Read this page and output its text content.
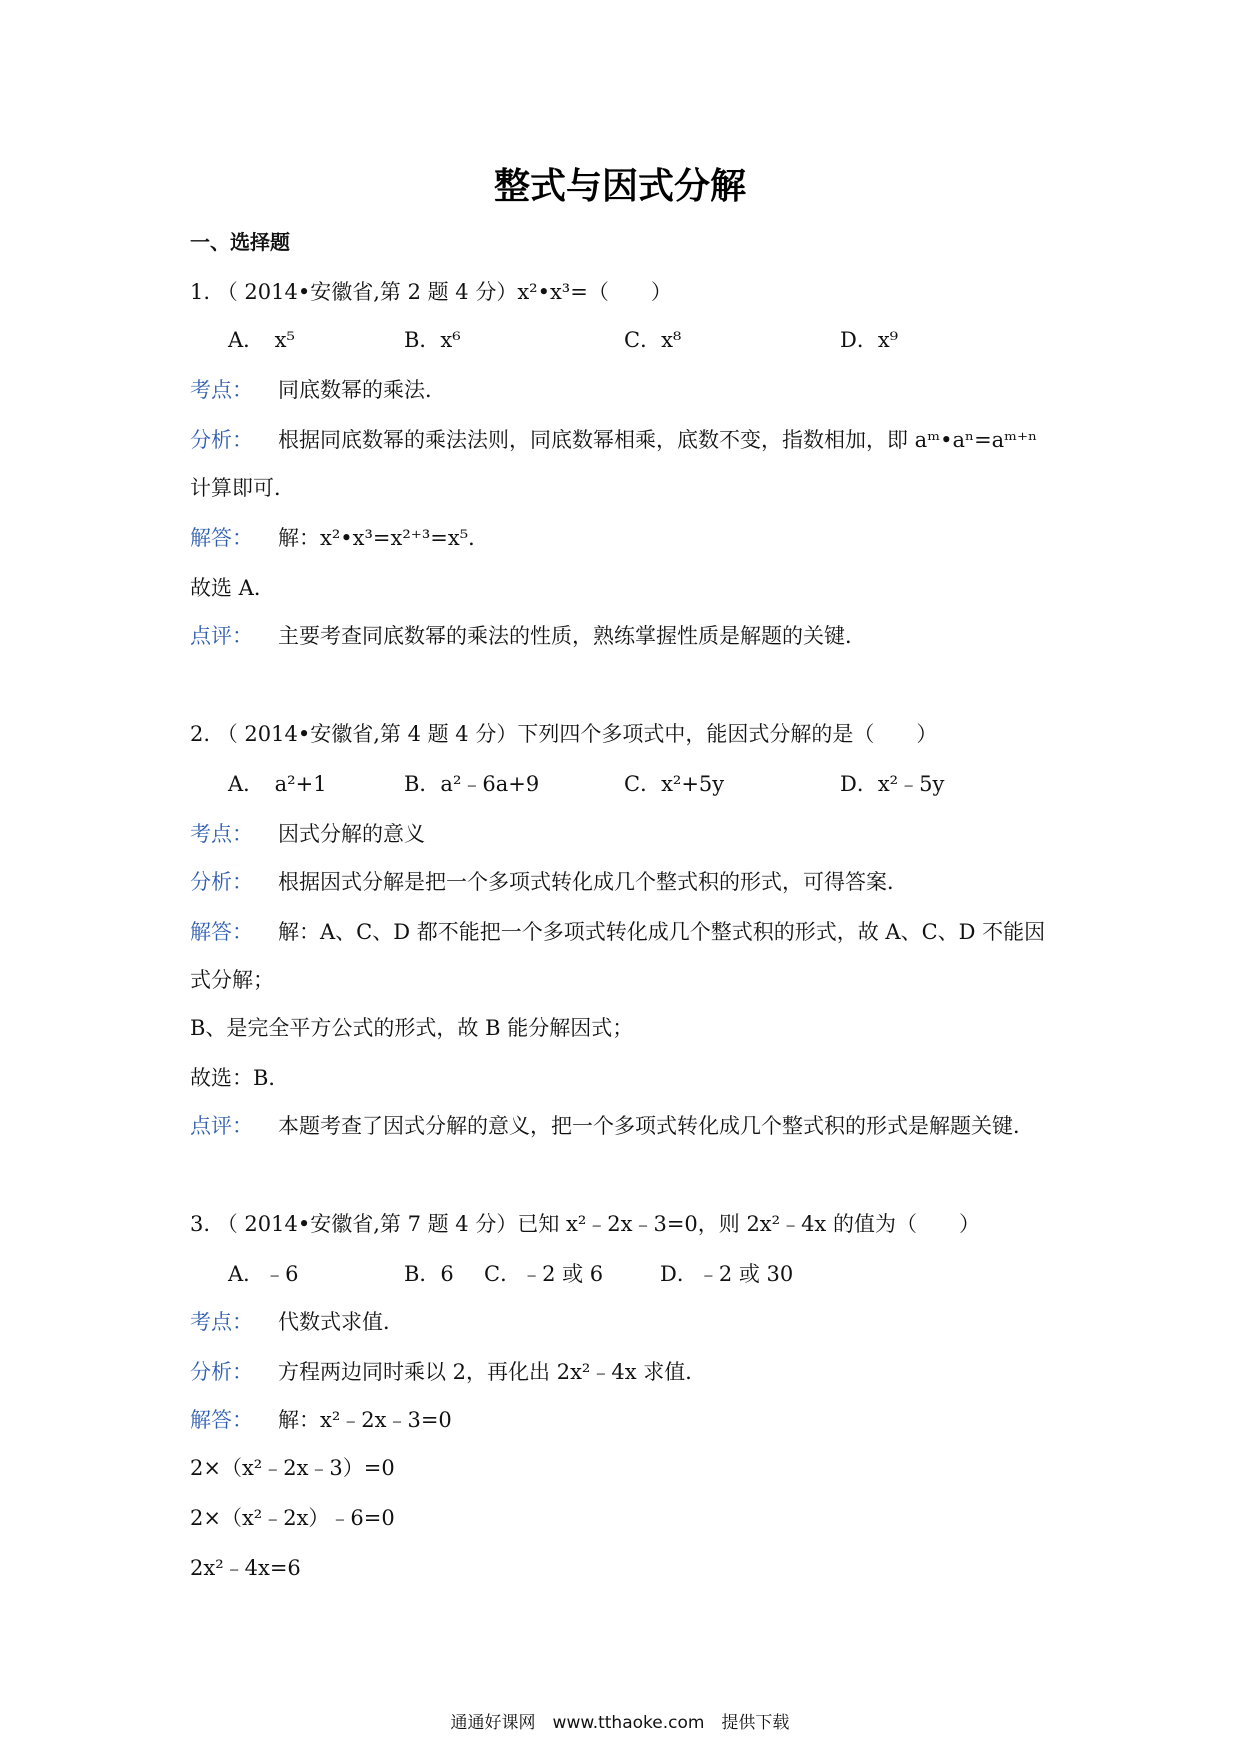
整式与因式分解
一、选择题
1. （ 2014•安徽省,第 2 题 4 分）x²•x³=（　　）
A．　x⁵	B．x⁶	C．x⁸	D．x⁹
考点： 同底数幂的乘法．
分析： 根据同底数幂的乘法法则，同底数幂相乘，底数不变，指数相加，即 aᵐ•aⁿ=aᵐ⁺ⁿ
计算即可．
解答： 解：x²•x³=x²⁺³=x⁵．
故选 A．
点评： 主要考查同底数幂的乘法的性质，熟练掌握性质是解题的关键．
2. （ 2014•安徽省,第 4 题 4 分）下列四个多项式中，能因式分解的是（　　）
A．　a²+1	B．a²﹣6a+9	C．x²+5y	D．x²﹣5y
考点： 因式分解的意义
分析： 根据因式分解是把一个多项式转化成几个整式积的形式，可得答案．
解答： 解：A、C、D 都不能把一个多项式转化成几个整式积的形式，故 A、C、D 不能因
式分解；
B、是完全平方公式的形式，故 B 能分解因式；
故选：B．
点评： 本题考查了因式分解的意义，把一个多项式转化成几个整式积的形式是解题关键．
3. （ 2014•安徽省,第 7 题 4 分）已知 x²﹣2x﹣3=0，则 2x²﹣4x 的值为（　　）
A．﹣6	B．6 C．﹣2 或 6	D．﹣2 或 30
考点： 代数式求值．
分析： 方程两边同时乘以 2，再化出 2x²﹣4x 求值．
解答： 解：x²﹣2x﹣3=0
2×（x²﹣2x﹣3）=0
2×（x²﹣2x）﹣6=0
2x²﹣4x=6
通通好课网　www.tthaoke.com　提供下载
